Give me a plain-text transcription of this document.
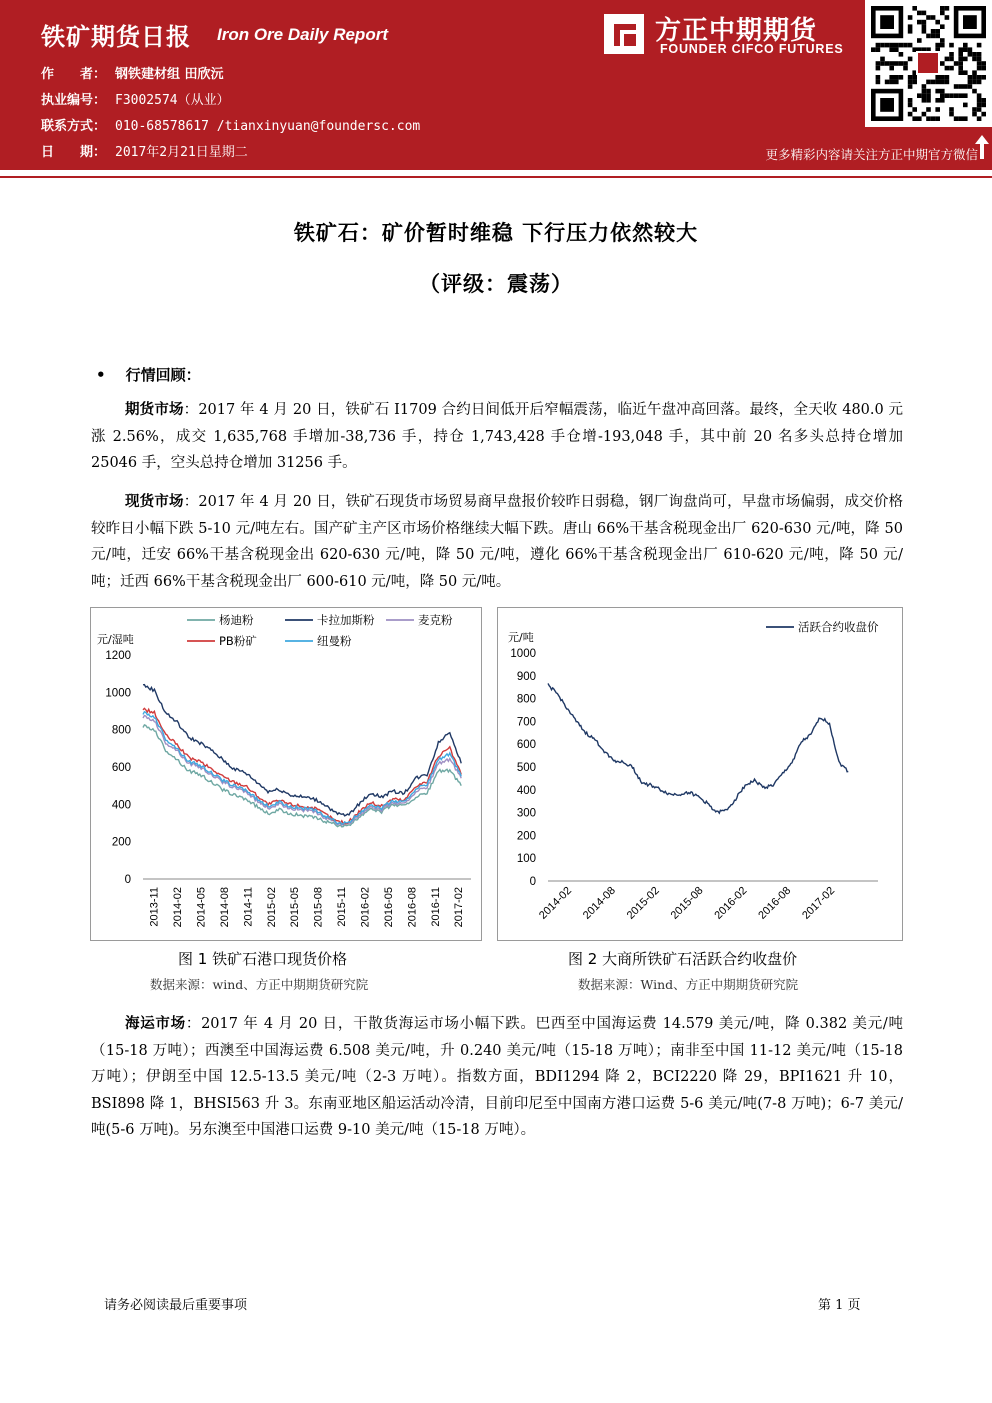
铁矿期货日报 Iron Ore Daily Report
作　　者： 钢铁建材组 田欣沅
执业编号： F3002574（从业）
联系方式： 010-68578617 /tianxinyuan@foundersc.com
日　　期： 2017年2月21日星期二
方正中期期货
FOUNDER CIFCO FUTURES
更多精彩内容请关注方正中期官方微信
铁矿石：矿价暂时维稳 下行压力依然较大
（评级：震荡）
• 行情回顾：
期货市场：2017 年 4 月 20 日，铁矿石 I1709 合约日间低开后窄幅震荡，临近午盘冲高回落。最终，全天收 480.0 元涨 2.56%，成交 1,635,768 手增加-38,736 手，持仓 1,743,428 手仓增-193,048 手，其中前 20 名多头总持仓增加 25046 手，空头总持仓增加 31256 手。
现货市场：2017 年 4 月 20 日，铁矿石现货市场贸易商早盘报价较昨日弱稳，钢厂询盘尚可，早盘市场偏弱，成交价格较昨日小幅下跌 5-10 元/吨左右。国产矿主产区市场价格继续大幅下跌。唐山 66%干基含税现金出厂 620-630 元/吨，降 50 元/吨，迁安 66%干基含税现金出 620-630 元/吨，降 50 元/吨，遵化 66%干基含税现金出厂 610-620 元/吨，降 50 元/吨；迁西 66%干基含税现金出厂 600-610 元/吨，降 50 元/吨。
元/湿吨
1200
1000
800
600
400
200
0
2013-11 2014-02 2014-05 2014-08 2014-11 2015-02 2015-05 2015-08 2015-11 2016-02 2016-05 2016-08 2016-11 2017-02
杨迪粉	卡拉加斯粉	麦克粉
PB粉矿	纽曼粉	元/吨
1000
900
800
700
600
500
400
300
200
100
0
2014-02 2014-08 2015-02 2015-08 2016-02 2016-08 2017-02
活跃合约收盘价
图 1 铁矿石港口现货价格
数据来源：wind、方正中期期货研究院
图 2 大商所铁矿石活跃合约收盘价
数据来源：Wind、方正中期期货研究院
海运市场：2017 年 4 月 20 日，干散货海运市场小幅下跌。巴西至中国海运费 14.579 美元/吨，降 0.382 美元/吨（15-18 万吨）；西澳至中国海运费 6.508 美元/吨，升 0.240 美元/吨（15-18 万吨）；南非至中国 11-12 美元/吨（15-18 万吨）；伊朗至中国 12.5-13.5 美元/吨（2-3 万吨）。指数方面，BDI1294 降 2，BCI2220 降 29，BPI1621 升 10，BSI898 降 1，BHSI563 升 3。东南亚地区船运活动冷清，目前印尼至中国南方港口运费 5-6 美元/吨(7-8 万吨)；6-7 美元/吨(5-6 万吨)。另东澳至中国港口运费 9-10 美元/吨（15-18 万吨）。
请务必阅读最后重要事项	第 1 页
